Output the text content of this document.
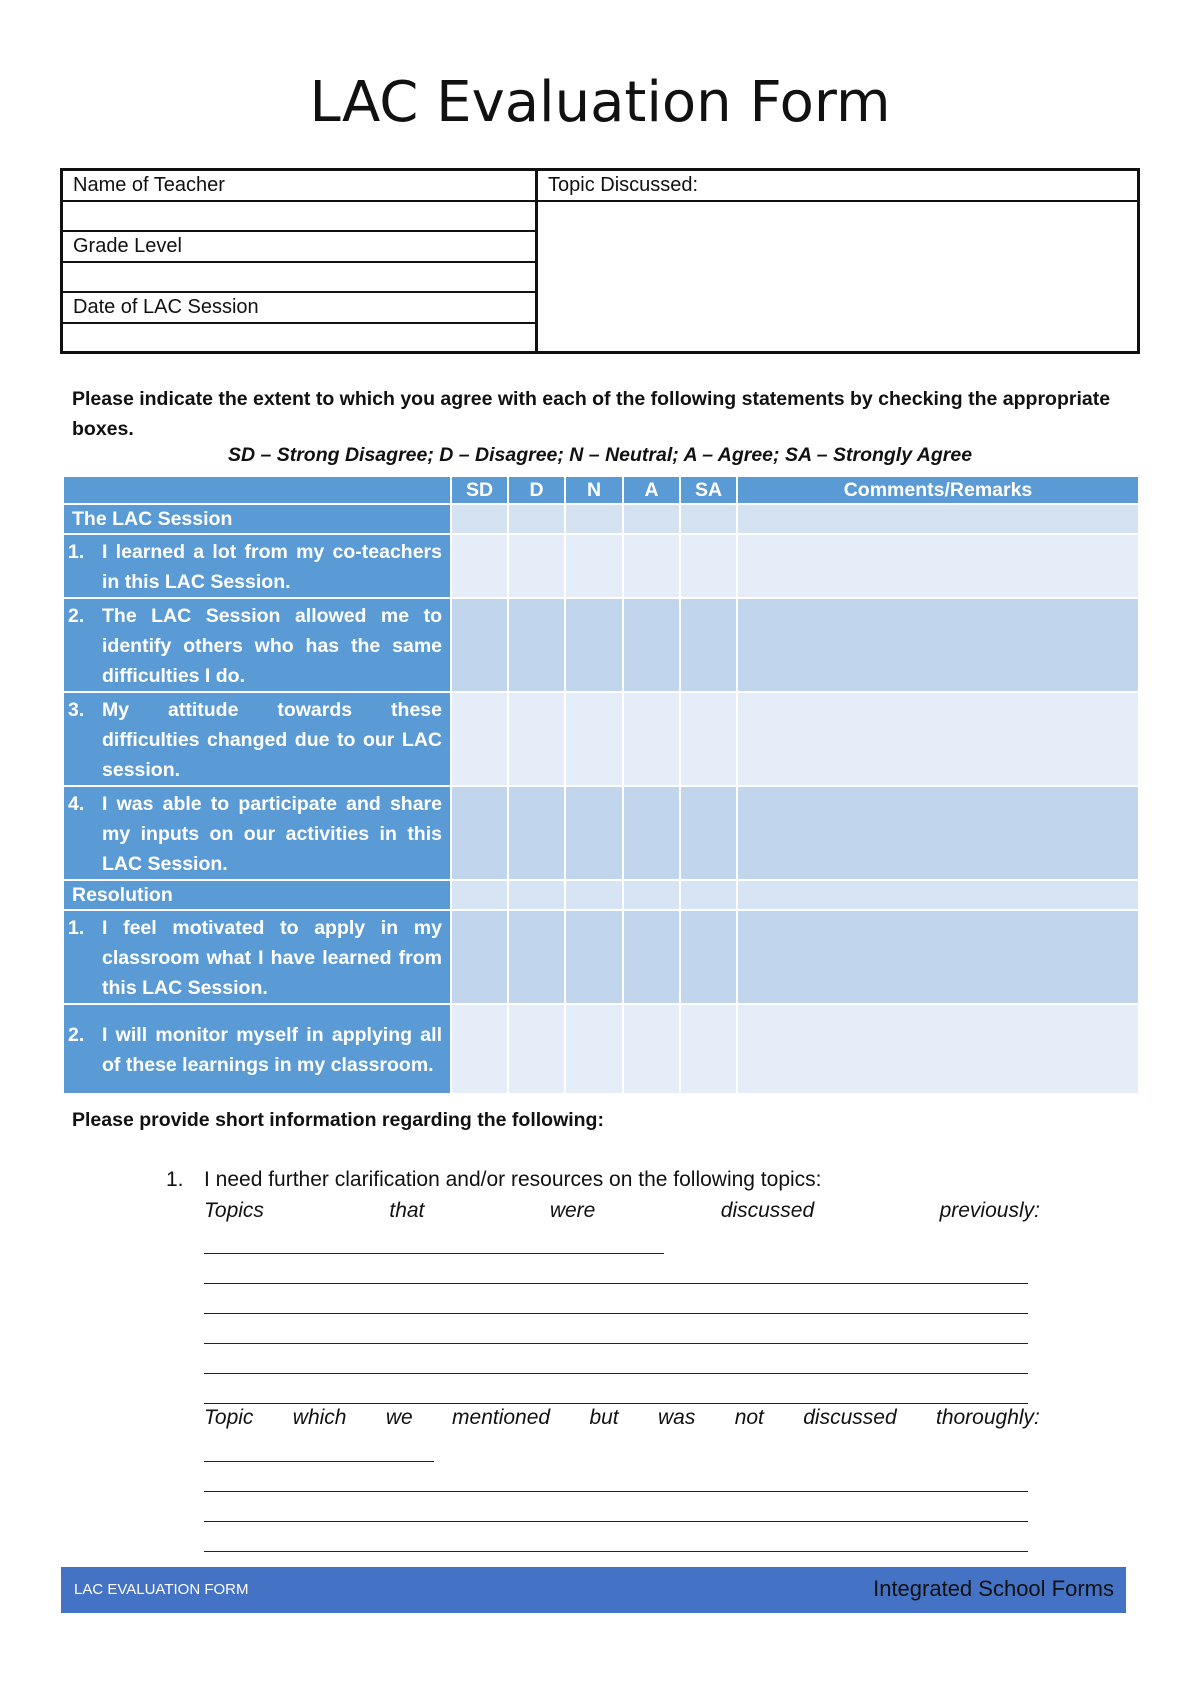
LAC Evaluation Form
Name of Teacher
Grade Level
Date of LAC Session
Topic Discussed:
Please indicate the extent to which you agree with each of the following statements by checking the appropriate boxes.
SD – Strong Disagree; D – Disagree; N – Neutral; A – Agree; SA – Strongly Agree
	SD	D	N	A	SA	Comments/Remarks
The LAC Session						

1. I learned a lot from my co-teachers in this LAC Session.						

2. The LAC Session allowed me to identify others who has the same difficulties I do.						

3. My attitude towards these difficulties changed due to our LAC session.						

4. I was able to participate and share my inputs on our activities in this LAC Session.						

Resolution						

1. I feel motivated to apply in my classroom what I have learned from this LAC Session.						

2. I will monitor myself in applying all of these learnings in my classroom.						

Please provide short information regarding the following:
1. I need further clarification and/or resources on the following topics:
Topics	that	were	discussed	previously:
Topic which we mentioned but was not discussed thoroughly:
LAC EVALUATION FORM	Integrated School Forms
